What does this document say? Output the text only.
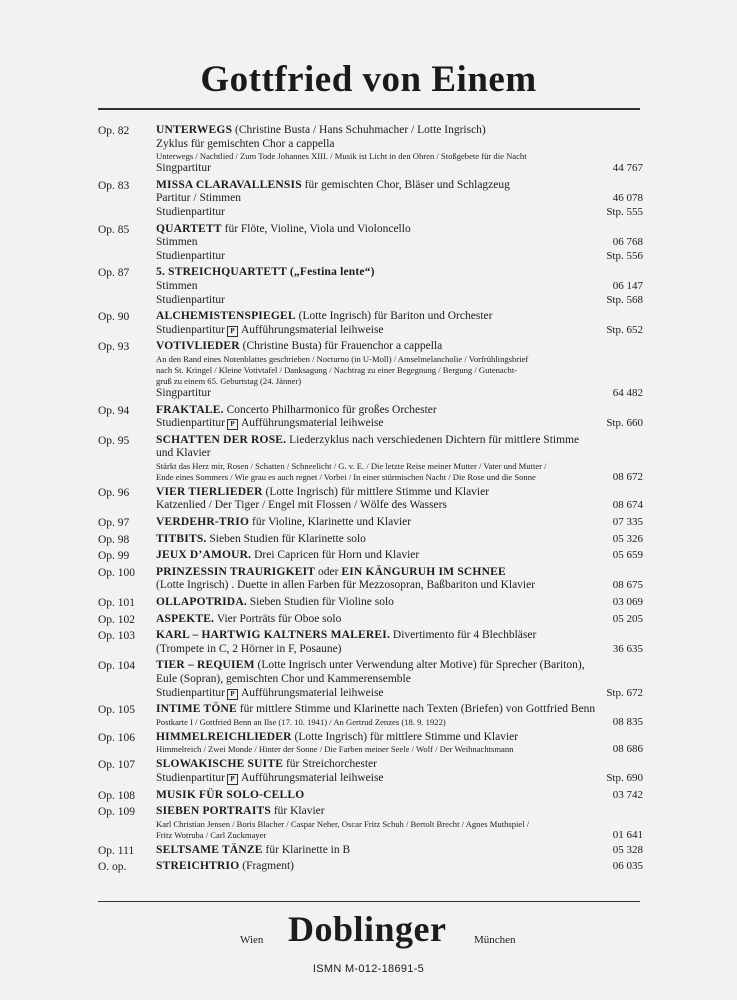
Gottfried von Einem
Op. 82 UNTERWEGS (Christine Busta / Hans Schuhmacher / Lotte Ingrisch)
Zyklus für gemischten Chor a cappella
Unterwegs / Nachtlied / Zum Tode Johannes XIII. / Musik ist Licht in den Ohren / Stoßgebete für die Nacht
Singpartitur	44 767
Op. 83 MISSA CLARAVALLENSIS für gemischten Chor, Bläser und Schlagzeug
Partitur / Stimmen	46 078
Studienpartitur	Stp. 555
Op. 85 QUARTETT für Flöte, Violine, Viola und Violoncello
Stimmen	06 768
Studienpartitur	Stp. 556
Op. 87 5. STREICHQUARTETT („Festina lente“)
Stimmen	06 147
Studienpartitur	Stp. 568
Op. 90 ALCHEMISTENSPIEGEL (Lotte Ingrisch) für Bariton und Orchester
Studienpartitur P Aufführungsmaterial leihweise	Stp. 652
Op. 93 VOTIVLIEDER (Christine Busta) für Frauenchor a cappella
An den Rand eines Notenblattes geschrieben / Nocturno (in U-Moll) / Amselmelancholie / Vorfrühlingsbrief
nach St. Kringel / Kleine Votivtafel / Danksagung / Nachtrag zu einer Begegnung / Bergung / Gutenacht-
gruß zu einem 65. Geburtstag (24. Jänner)
Singpartitur	64 482
Op. 94 FRAKTALE. Concerto Philharmonico für großes Orchester
Studienpartitur P Aufführungsmaterial leihweise	Stp. 660
Op. 95 SCHATTEN DER ROSE. Liederzyklus nach verschiedenen Dichtern für mittlere Stimme
und Klavier
Stärkt das Herz mir, Rosen / Schatten / Schneelicht / G. v. E. / Die letzte Reise meiner Mutter / Vater und Mutter /
Ende eines Sommers / Wie grau es auch regnet / Vorbei / In einer stürmischen Nacht / Die Rose und die Sonne	08 672
Op. 96 VIER TIERLIEDER (Lotte Ingrisch) für mittlere Stimme und Klavier
Katzenlied / Der Tiger / Engel mit Flossen / Wölfe des Wassers	08 674
Op. 97 VERDEHR-TRIO für Violine, Klarinette und Klavier	07 335
Op. 98 TITBITS. Sieben Studien für Klarinette solo	05 326
Op. 99 JEUX D’AMOUR. Drei Capricen für Horn und Klavier	05 659
Op. 100 PRINZESSIN TRAURIGKEIT oder EIN KÄNGURUH IM SCHNEE
(Lotte Ingrisch) . Duette in allen Farben für Mezzosopran, Baßbariton und Klavier	08 675
Op. 101 OLLAPOTRIDA. Sieben Studien für Violine solo	03 069
Op. 102 ASPEKTE. Vier Porträts für Oboe solo	05 205
Op. 103 KARL – HARTWIG KALTNERS MALEREI. Divertimento für 4 Blechbläser
(Trompete in C, 2 Hörner in F, Posaune)	36 635
Op. 104 TIER – REQUIEM (Lotte Ingrisch unter Verwendung alter Motive) für Sprecher (Bariton),
Eule (Sopran), gemischten Chor und Kammerensemble
Studienpartitur P Aufführungsmaterial leihweise	Stp. 672
Op. 105 INTIME TÖNE für mittlere Stimme und Klarinette nach Texten (Briefen) von Gottfried Benn
Postkarte I / Gottfried Benn an Ilse (17. 10. 1941) / An Gertrud Zenzes (18. 9. 1922)	08 835
Op. 106 HIMMELREICHLIEDER (Lotte Ingrisch) für mittlere Stimme und Klavier
Himmelreich / Zwei Monde / Hinter der Sonne / Die Farben meiner Seele / Wolf / Der Weihnachtsmann	08 686
Op. 107 SLOWAKISCHE SUITE für Streichorchester
Studienpartitur P Aufführungsmaterial leihweise	Stp. 690
Op. 108 MUSIK FÜR SOLO-CELLO	03 742
Op. 109 SIEBEN PORTRAITS für Klavier
Karl Christian Jensen / Boris Blacher / Caspar Neher, Oscar Fritz Schuh / Bertolt Brecht / Agnes Muthspiel /
Fritz Wotruba / Carl Zuckmayer	01 641
Op. 111 SELTSAME TÄNZE für Klarinette in B	05 328
O. op.	STREICHTRIO (Fragment)	06 035
Wien Doblinger München
ISMN M-012-18691-5
